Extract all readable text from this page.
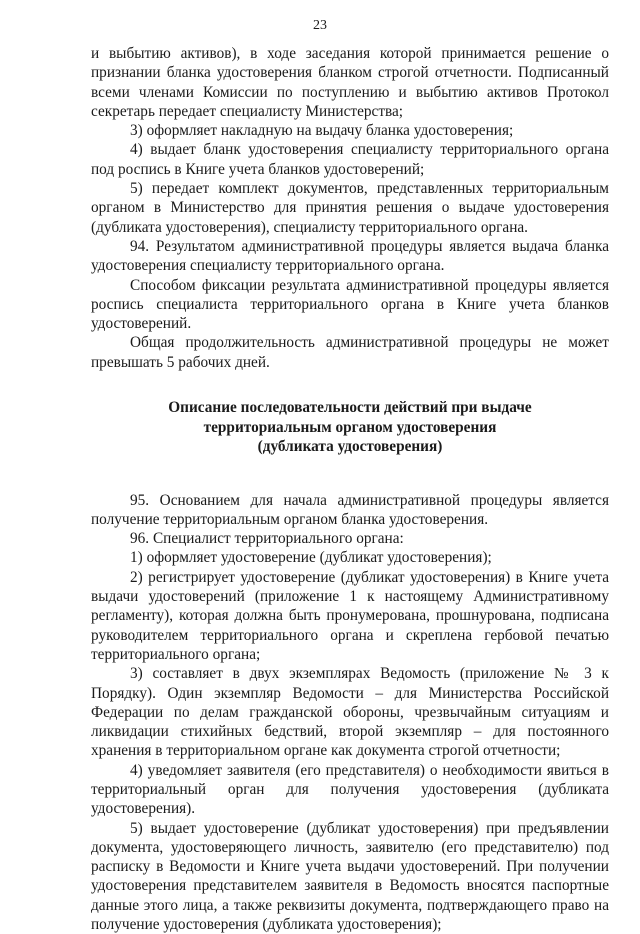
23

и выбытию активов), в ходе заседания которой принимается решение о признании бланка удостоверения бланком строгой отчетности. Подписанный всеми членами Комиссии по поступлению и выбытию активов Протокол секретарь передает специалисту Министерства;

3) оформляет накладную на выдачу бланка удостоверения;

4) выдает бланк удостоверения специалисту территориального органа под роспись в Книге учета бланков удостоверений;

5) передает комплект документов, представленных территориальным органом в Министерство для принятия решения о выдаче удостоверения (дубликата удостоверения), специалисту территориального органа.

94. Результатом административной процедуры является выдача бланка удостоверения специалисту территориального органа.

Способом фиксации результата административной процедуры является роспись специалиста территориального органа в Книге учета бланков удостоверений.

Общая продолжительность административной процедуры не может превышать 5 рабочих дней.

Описание последовательности действий при выдаче
территориальным органом удостоверения
(дубликата удостоверения)

95. Основанием для начала административной процедуры является получение территориальным органом бланка удостоверения.

96. Специалист территориального органа:

1) оформляет удостоверение (дубликат удостоверения);

2) регистрирует удостоверение (дубликат удостоверения) в Книге учета выдачи удостоверений (приложение 1 к настоящему Административному регламенту), которая должна быть пронумерована, прошнурована, подписана руководителем территориального органа и скреплена гербовой печатью территориального органа;

3) составляет в двух экземплярах Ведомость (приложение № 3 к Порядку). Один экземпляр Ведомости – для Министерства Российской Федерации по делам гражданской обороны, чрезвычайным ситуациям и ликвидации стихийных бедствий, второй экземпляр – для постоянного хранения в территориальном органе как документа строгой отчетности;

4) уведомляет заявителя (его представителя) о необходимости явиться в территориальный орган для получения удостоверения (дубликата удостоверения).

5) выдает удостоверение (дубликат удостоверения) при предъявлении документа, удостоверяющего личность, заявителю (его представителю) под расписку в Ведомости и Книге учета выдачи удостоверений. При получении удостоверения представителем заявителя в Ведомость вносятся паспортные данные этого лица, а также реквизиты документа, подтверждающего право на получение удостоверения (дубликата удостоверения);
